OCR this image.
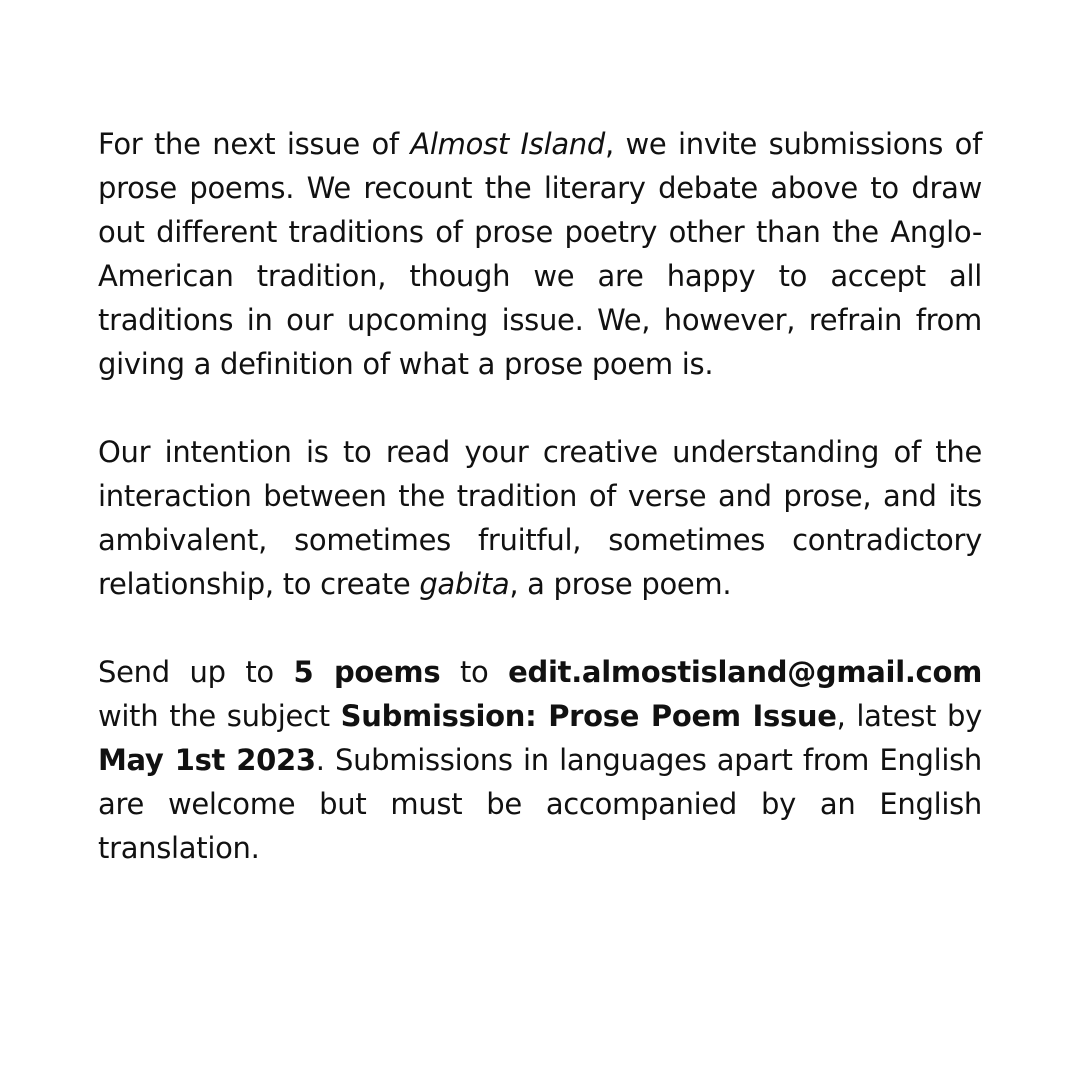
For the next issue of Almost Island, we invite submissions of prose poems. We recount the literary debate above to draw out different traditions of prose poetry other than the Anglo-American tradition, though we are happy to accept all traditions in our upcoming issue. We, however, refrain from giving a definition of what a prose poem is.

Our intention is to read your creative understanding of the interaction between the tradition of verse and prose, and its ambivalent, sometimes fruitful, sometimes contradictory relationship, to create gabita, a prose poem.

Send up to 5 poems to edit.almostisland@gmail.com with the subject Submission: Prose Poem Issue, latest by May 1st 2023. Submissions in languages apart from English are welcome but must be accompanied by an English translation.
